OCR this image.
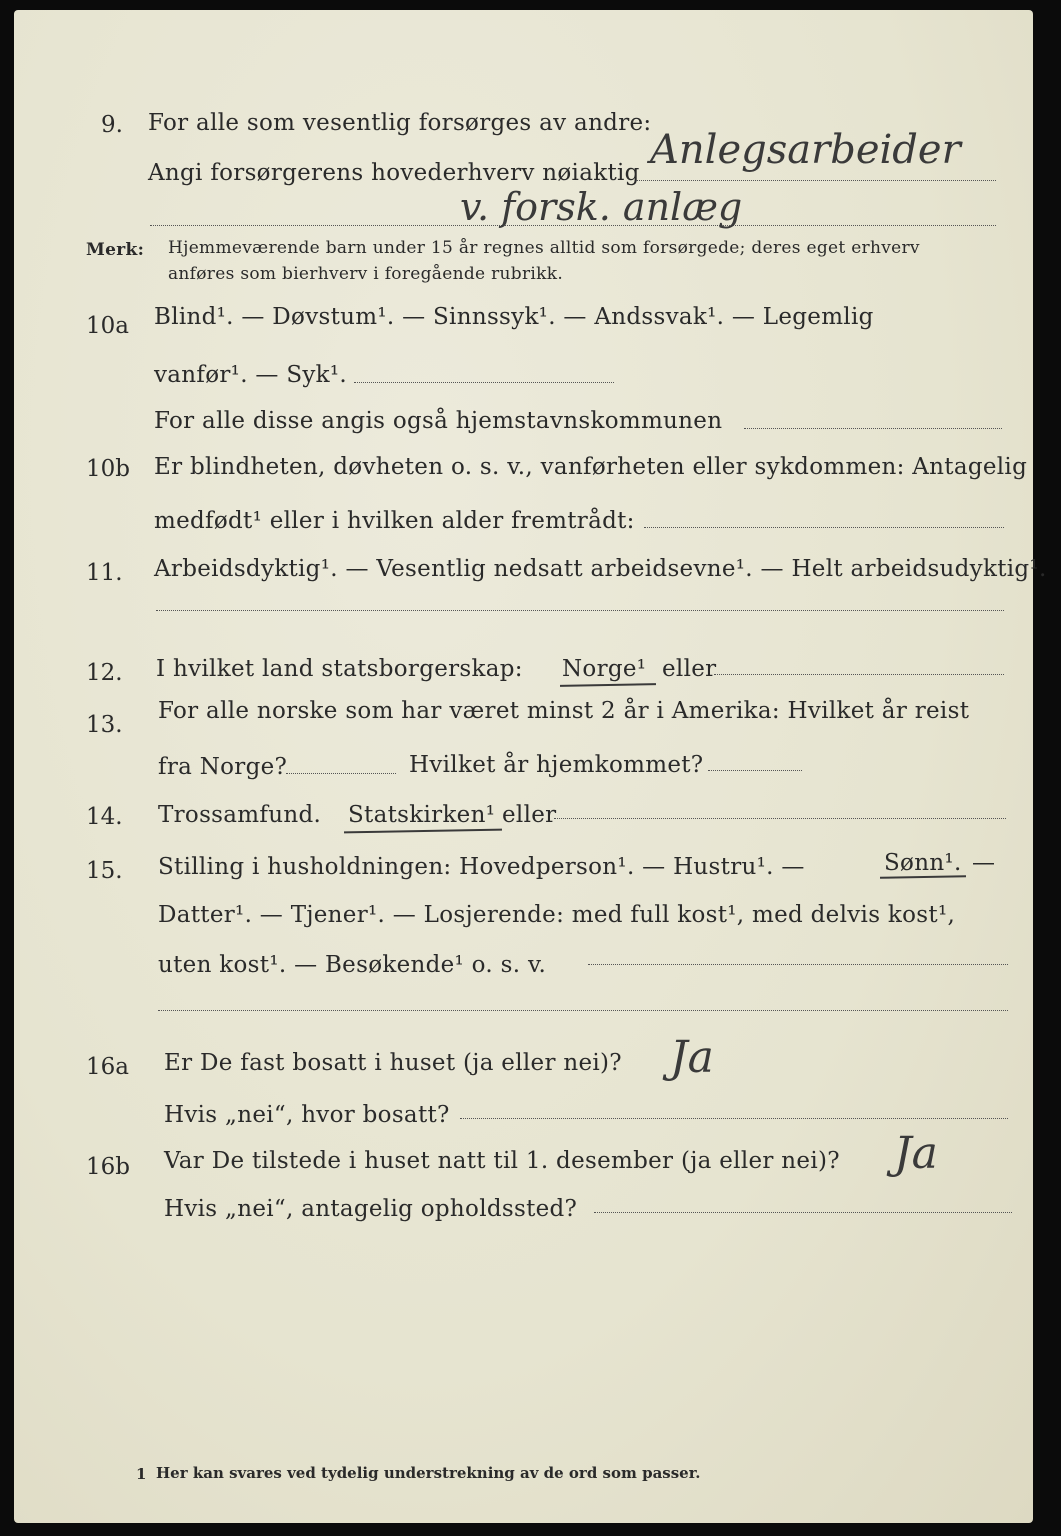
9. For alle som vesentlig forsørges av andre:
Angi forsørgerens hovederhverv nøiaktig Anlegsarbeider
v. forsk. anlæg
Merk: Hjemmeværende barn under 15 år regnes alltid som forsørgede; deres eget erhverv
anføres som bierhverv i foregående rubrikk.
10a Blind¹. — Døvstum¹. — Sinnssyk¹. — Andssvak¹. — Legemlig
vanfør¹. — Syk¹.
For alle disse angis også hjemstavnskommunen
10b Er blindheten, døvheten o. s. v., vanførheten eller sykdommen: Antagelig
medfødt¹ eller i hvilken alder fremtrådt:
11. Arbeidsdyktig¹. — Vesentlig nedsatt arbeidsevne¹. — Helt arbeidsudyktig¹.
12. I hvilket land statsborgerskap: Norge¹ eller
13.
For alle norske som har været minst 2 år i Amerika: Hvilket år reist
fra Norge?	Hvilket år hjemkommet?
14. Trossamfund. Statskirken¹ eller
15. Stilling i husholdningen: Hovedperson¹. — Hustru¹. —	Sønn¹. —
Datter¹. — Tjener¹. — Losjerende: med full kost¹, med delvis kost¹,
uten kost¹. — Besøkende¹ o. s. v.
16a Er De fast bosatt i huset (ja eller nei)? Ja
Hvis „nei“, hvor bosatt?
16b Var De tilstede i huset natt til 1. desember (ja eller nei)? Ja
Hvis „nei“, antagelig opholdssted?
1 Her kan svares ved tydelig understrekning av de ord som passer.
